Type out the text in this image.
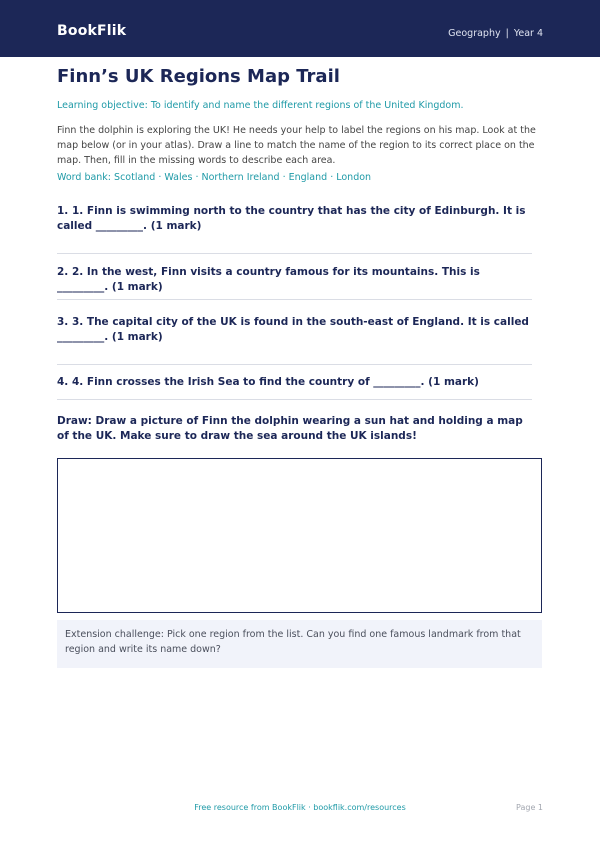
BookFlik	Geography | Year 4
Finn’s UK Regions Map Trail
Learning objective: To identify and name the different regions of the United Kingdom.
Finn the dolphin is exploring the UK! He needs your help to label the regions on his map. Look at the map below (or in your atlas). Draw a line to match the name of the region to its correct place on the map. Then, fill in the missing words to describe each area.
Word bank: Scotland · Wales · Northern Ireland · England · London
1. 1. Finn is swimming north to the country that has the city of Edinburgh. It is called _________. (1 mark)
2. 2. In the west, Finn visits a country famous for its mountains. This is _________. (1 mark)
3. 3. The capital city of the UK is found in the south-east of England. It is called _________. (1 mark)
4. 4. Finn crosses the Irish Sea to find the country of _________. (1 mark)
Draw: Draw a picture of Finn the dolphin wearing a sun hat and holding a map of the UK. Make sure to draw the sea around the UK islands!
Extension challenge: Pick one region from the list. Can you find one famous landmark from that region and write its name down?
Free resource from BookFlik · bookflik.com/resources	Page 1
